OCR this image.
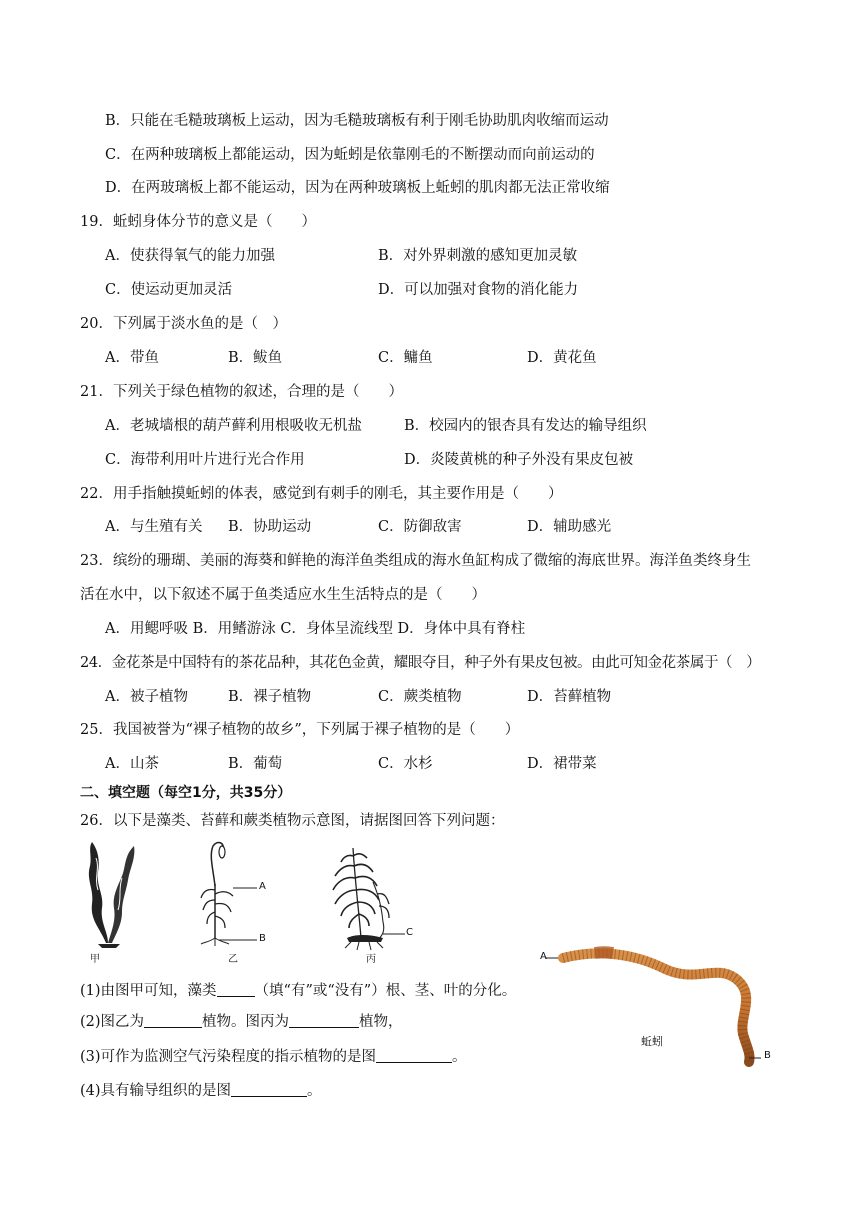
B．只能在毛糙玻璃板上运动，因为毛糙玻璃板有利于刚毛协助肌肉收缩而运动
C．在两种玻璃板上都能运动，因为蚯蚓是依靠刚毛的不断摆动而向前运动的
D．在两玻璃板上都不能运动，因为在两种玻璃板上蚯蚓的肌肉都无法正常收缩
19．蚯蚓身体分节的意义是（　　）
A．使获得氧气的能力加强	B．对外界刺激的感知更加灵敏
C．使运动更加灵活	D．可以加强对食物的消化能力
20．下列属于淡水鱼的是（　）
A．带鱼	B．鲅鱼	C．鳙鱼	D．黄花鱼
21．下列关于绿色植物的叙述，合理的是（　　）
A．老城墙根的葫芦藓利用根吸收无机盐	B．校园内的银杏具有发达的输导组织
C．海带利用叶片进行光合作用	D．炎陵黄桃的种子外没有果皮包被
22．用手指触摸蚯蚓的体表，感觉到有刺手的刚毛，其主要作用是（　　）
A．与生殖有关 B．协助运动	C．防御敌害	D．辅助感光
23．缤纷的珊瑚、美丽的海葵和鲜艳的海洋鱼类组成的海水鱼缸构成了微缩的海底世界。海洋鱼类终身生
活在水中，以下叙述不属于鱼类适应水生生活特点的是（　　）
A．用鳃呼吸 B．用鳍游泳 C．身体呈流线型 D．身体中具有脊柱
24．金花茶是中国特有的茶花品种，其花色金黄，耀眼夺目，种子外有果皮包被。由此可知金花茶属于（　）
A．被子植物	B．裸子植物	C．蕨类植物	D．苔藓植物
25．我国被誉为“裸子植物的故乡”，下列属于裸子植物的是（　　）
A．山茶	B．葡萄	C．水杉	D．裙带菜
二、填空题（每空1分，共35分）
26．以下是藻类、苔藓和蕨类植物示意图，请据图回答下列问题：
甲
A
B
乙
C
丙
(1)由图甲可知，藻类	（填“有”或“没有”）根、茎、叶的分化。
(2)图乙为	植物。图丙为	植物，
(3)可作为监测空气污染程度的指示植物的是图	。
(4)具有输导组织的是图	。
A
B
蚯蚓
